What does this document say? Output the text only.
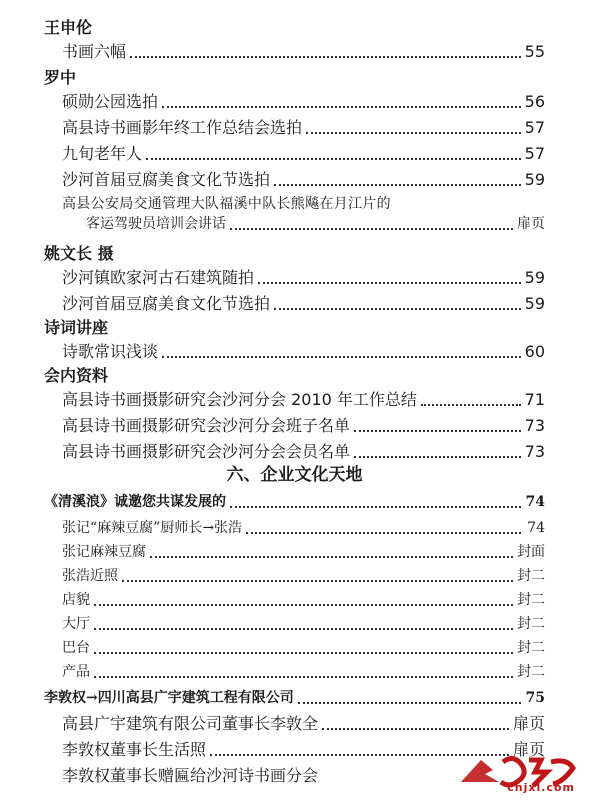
王申伦
书画六幅	55
罗中
硕勋公园选拍	56
高县诗书画影年终工作总结会选拍	57
九旬老年人	57
沙河首届豆腐美食文化节选拍	59
高县公安局交通管理大队福溪中队长熊飚在月江片的
客运驾驶员培训会讲话	扉页
姚文长 摄
沙河镇欧家河古石建筑随拍	59
沙河首届豆腐美食文化节选拍	59
诗词讲座
诗歌常识浅谈	60
会内资料
高县诗书画摄影研究会沙河分会 2010 年工作总结	71
高县诗书画摄影研究会沙河分会班子名单	73
高县诗书画摄影研究会沙河分会会员名单	73
六、企业文化天地
《清溪浪》诚邀您共谋发展的	74
张记“麻辣豆腐”厨师长→张浩	74
张记麻辣豆腐	封面
张浩近照	封二
店貌	封二
大厅	封二
巴台	封二
产品	封二
李敦权→四川高县广宇建筑工程有限公司	75
高县广宇建筑有限公司董事长李敦全	扉页
李敦权董事长生活照	扉页
李敦权董事长赠匾给沙河诗书画分会
cnjxl.com
